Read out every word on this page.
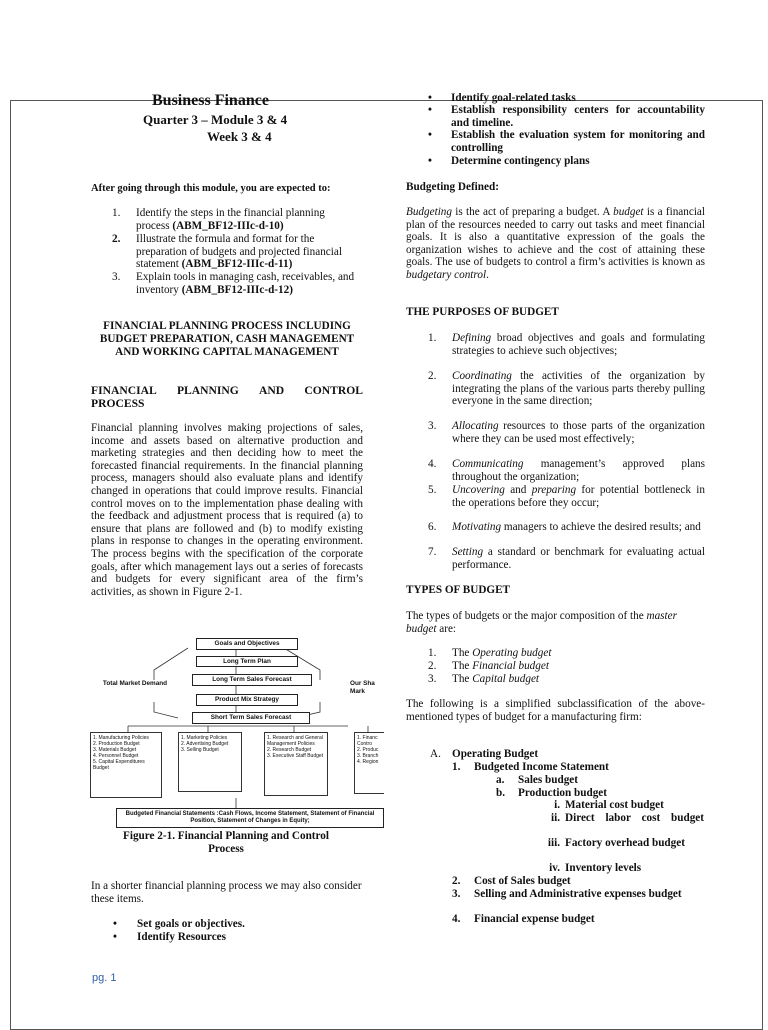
Business Finance
Quarter 3 – Module 3 & 4
Week 3 & 4
After going through this module, you are expected to:
1.	Identify the steps in the financial planning process (ABM_BF12-IIIc-d-10)
2.	Illustrate the formula and format for the preparation of budgets and projected financial statement (ABM_BF12-IIIc-d-11)
3.	Explain tools in managing cash, receivables, and inventory (ABM_BF12-IIIc-d-12)
FINANCIAL PLANNING PROCESS INCLUDING BUDGET PREPARATION, CASH MANAGEMENT AND WORKING CAPITAL MANAGEMENT
FINANCIAL PLANNING AND CONTROL
PROCESS
Financial planning involves making projections of sales, income and assets based on alternative production and marketing strategies and then deciding how to meet the forecasted financial requirements. In the financial planning process, managers should also evaluate plans and identify changed in operations that could improve results. Financial control moves on to the implementation phase dealing with the feedback and adjustment process that is required (a) to ensure that plans are followed and (b) to modify existing plans in response to changes in the operating environment. The process begins with the specification of the corporate goals, after which management lays out a series of forecasts and budgets for every significant area of the firm’s activities, as shown in Figure 2-1.
Goals and Objectives
Long Term Plan
Long Term Sales Forecast
Product Mix Strategy
Short Term Sales Forecast
Total Market Demand	Our Sha Mark
1. Manufacturing Policies
2. Production Budget
3. Materials Budget
4. Personnel Budget
5. Capital Expenditures Budget
1. Marketing Policies
2. Advertising Budget
3. Selling Budget
1. Research and General Management Policies
2. Research Budget
3. Executive Staff Budget
1. Financ Contro
2. Produc
3. Branch
4. Region
Budgeted Financial Statements :Cash Flows, Income Statement, Statement of Financial Position, Statement of Changes in Equity;
Figure 2-1. Financial Planning and Control Process
In a shorter financial planning process we may also consider these items.
• Set goals or objectives.
• Identify Resources
pg. 1
• Identify goal-related tasks
• Establish responsibility centers for accountability and timeline.
• Establish the evaluation system for monitoring and controlling
• Determine contingency plans
Budgeting Defined:
Budgeting is the act of preparing a budget. A budget is a financial plan of the resources needed to carry out tasks and meet financial goals. It is also a quantitative expression of the goals the organization wishes to achieve and the cost of attaining these goals. The use of budgets to control a firm’s activities is known as budgetary control.
THE PURPOSES OF BUDGET
1. Defining broad objectives and goals and formulating strategies to achieve such objectives;
2. Coordinating the activities of the organization by integrating the plans of the various parts thereby pulling everyone in the same direction;
3. Allocating resources to those parts of the organization where they can be used most effectively;
4. Communicating management’s approved plans throughout the organization;
5. Uncovering and preparing for potential bottleneck in the operations before they occur;
6. Motivating managers to achieve the desired results; and
7. Setting a standard or benchmark for evaluating actual performance.
TYPES OF BUDGET
The types of budgets or the major composition of the master budget are:
1. The Operating budget
2. The Financial budget
3. The Capital budget
The following is a simplified subclassification of the above-mentioned types of budget for a manufacturing firm:
A. Operating Budget
1. Budgeted Income Statement
a. Sales budget
b. Production budget
i. Material cost budget
ii. Direct labor cost budget
iii. Factory overhead budget
iv. Inventory levels
2. Cost of Sales budget
3. Selling and Administrative expenses budget
4. Financial expense budget
